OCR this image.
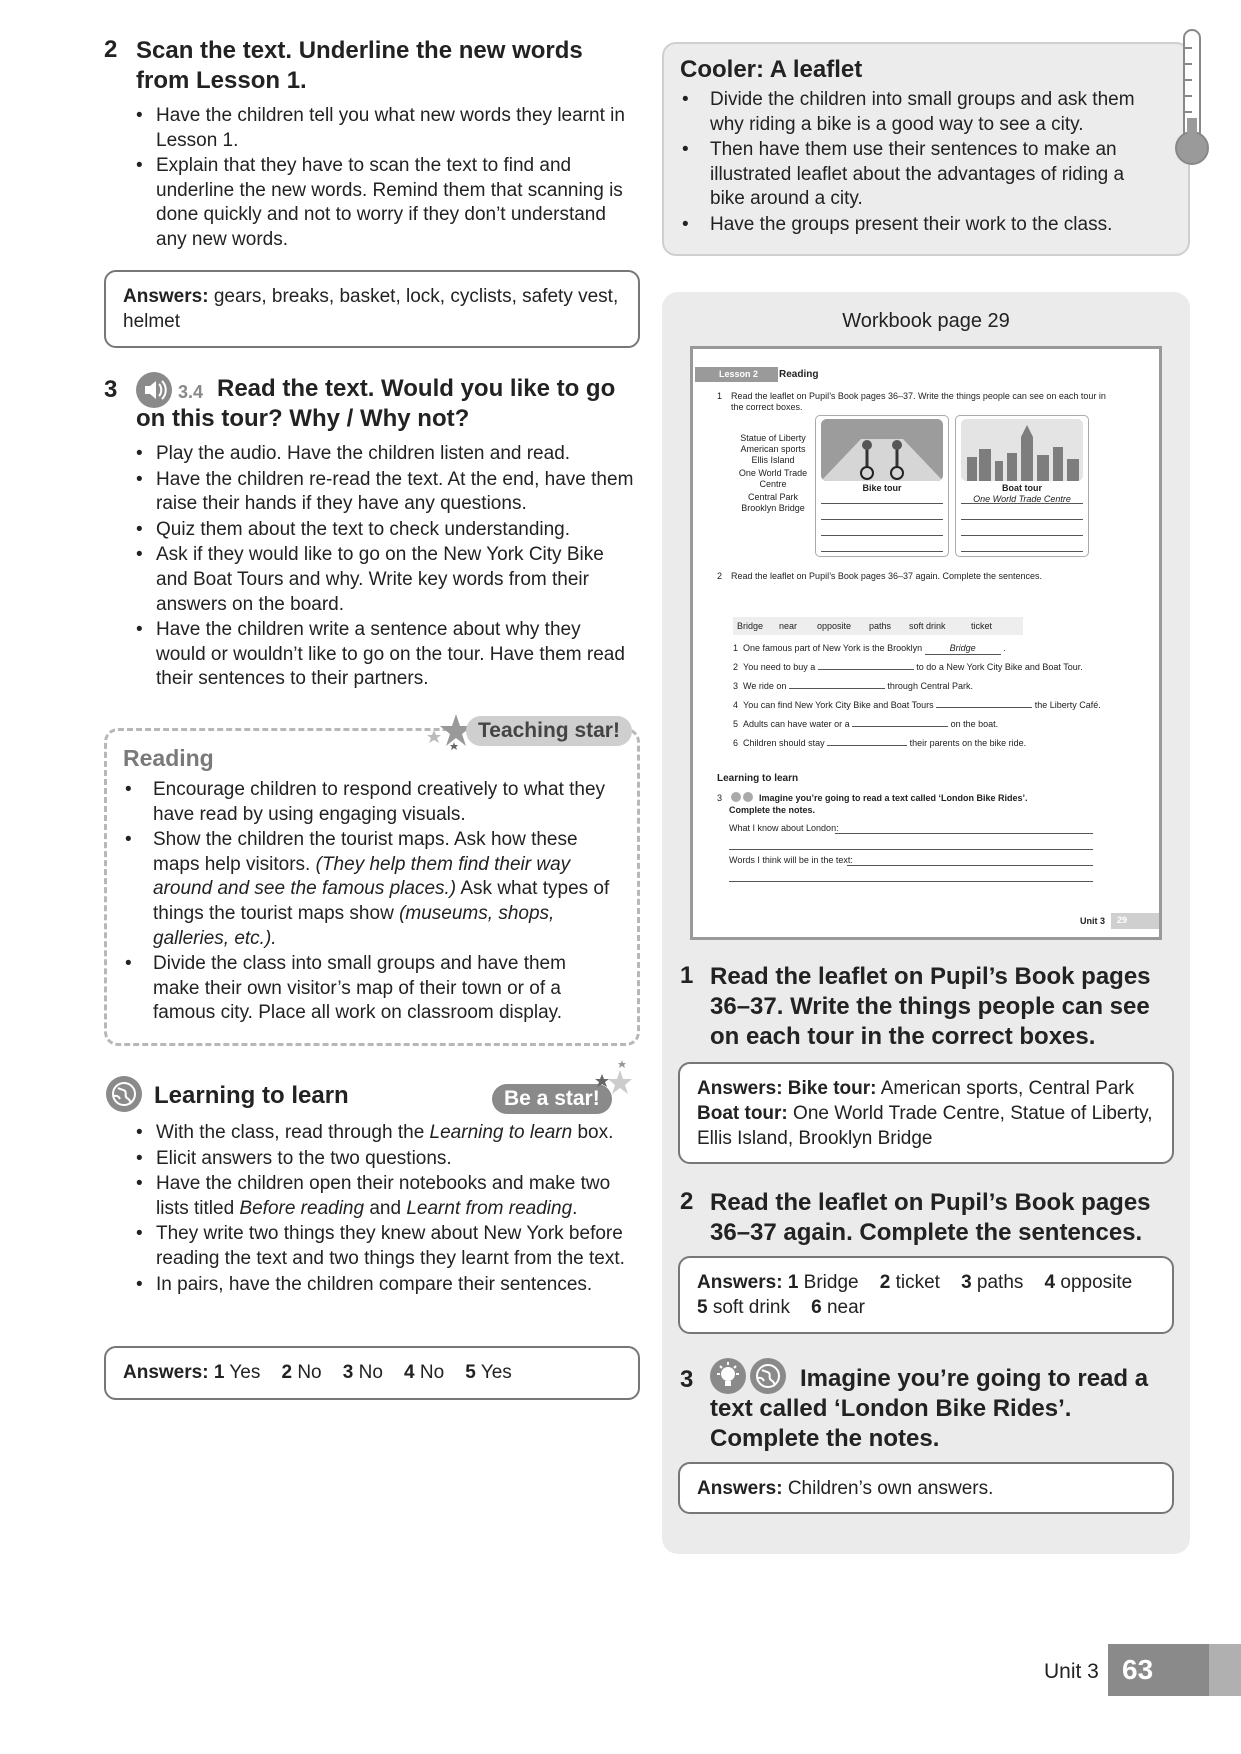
2 Scan the text. Underline the new words from Lesson 1.
• Have the children tell you what new words they learnt in Lesson 1.
• Explain that they have to scan the text to find and underline the new words. Remind them that scanning is done quickly and not to worry if they don’t understand any new words.
Answers: gears, breaks, basket, lock, cyclists, safety vest, helmet
3	3.4 Read the text. Would you like to go on this tour? Why / Why not?
• Play the audio. Have the children listen and read.
• Have the children re-read the text. At the end, have them raise their hands if they have any questions.
• Quiz them about the text to check understanding.
• Ask if they would like to go on the New York City Bike and Boat Tours and why. Write key words from their answers on the board.
• Have the children write a sentence about why they would or wouldn’t like to go on the tour. Have them read their sentences to their partners.
Reading
• Encourage children to respond creatively to what they have read by using engaging visuals.
• Show the children the tourist maps. Ask how these maps help visitors. (They help them find their way around and see the famous places.) Ask what types of things the tourist maps show (museums, shops, galleries, etc.).
• Divide the class into small groups and have them make their own visitor’s map of their town or of a famous city. Place all work on classroom display.
Teaching star!
Learning to learn	Be a star!
• With the class, read through the Learning to learn box.
• Elicit answers to the two questions.
• Have the children open their notebooks and make two lists titled Before reading and Learnt from reading.
• They write two things they knew about New York before reading the text and two things they learnt from the text.
• In pairs, have the children compare their sentences.
Answers: 1 Yes 2 No 3 No 4 No 5 Yes
Cooler: A leaflet
• Divide the children into small groups and ask them why riding a bike is a good way to see a city.
• Then have them use their sentences to make an illustrated leaflet about the advantages of riding a bike around a city.
• Have the groups present their work to the class.
Workbook page 29
Lesson 2	Reading
1 Read the leaflet on Pupil’s Book pages 36–37. Write the things people can see on each tour in the correct boxes.
Statue of Liberty
American sports
Ellis Island
One World Trade Centre
Central Park
Brooklyn Bridge
Bike tour	Boat tour
One World Trade Centre
2 Read the leaflet on Pupil’s Book pages 36–37 again. Complete the sentences.
Bridge near opposite paths soft drink	ticket
1 One famous part of New York is the Brooklyn	Bridge	.
2 You need to buy a	to do a New York City Bike and Boat Tour.
3 We ride on	through Central Park.
4 You can find New York City Bike and Boat Tours	the Liberty Café.
5 Adults can have water or a	on the boat.
6 Children should stay	their parents on the bike ride.
Learning to learn
3	Imagine you’re going to read a text called ‘London Bike Rides’.
Complete the notes.
What I know about London:
Words I think will be in the text:
Unit 3	29
1 Read the leaflet on Pupil’s Book pages 36–37. Write the things people can see on each tour in the correct boxes.
Answers: Bike tour: American sports, Central Park
Boat tour: One World Trade Centre, Statue of Liberty, Ellis Island, Brooklyn Bridge
2 Read the leaflet on Pupil’s Book pages 36–37 again. Complete the sentences.
Answers: 1 Bridge 2 ticket 3 paths 4 opposite
5 soft drink 6 near
3	Imagine you’re going to read a text called ‘London Bike Rides’. Complete the notes.
Answers: Children’s own answers.
Unit 3 63
